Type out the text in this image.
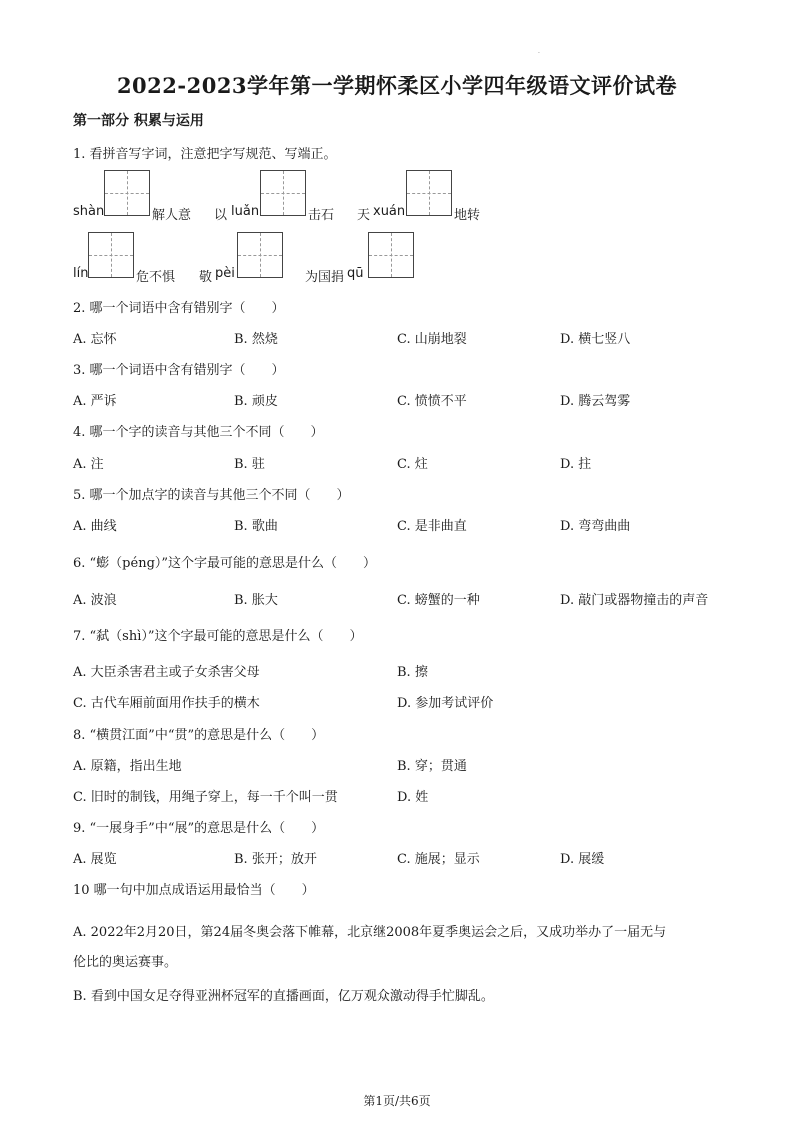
·
2022-2023学年第一学期怀柔区小学四年级语文评价试卷
第一部分 积累与运用
1. 看拼音写字词，注意把字写规范、写端正。
shàn	解人意 以 luǎn	击石 天 xuán	地转
lín	危不惧 敬 pèi	为国捐 qū
2. 哪一个词语中含有错别字（　　）
A. 忘怀	B. 然烧	C. 山崩地裂	D. 横七竖八
3. 哪一个词语中含有错别字（　　）
A. 严诉	B. 顽皮	C. 愤愤不平	D. 腾云驾雾
4. 哪一个字的读音与其他三个不同（　　）
A. 注	B. 驻	C. 炷	D. 拄
5. 哪一个加点字的读音与其他三个不同（　　）
A. 曲线	B. 歌曲	C. 是非曲直	D. 弯弯曲曲
6. “蟛（péng）”这个字最可能的意思是什么（　　）
A. 波浪	B. 胀大	C. 螃蟹的一种	D. 敲门或器物撞击的声音
7. “弑（shì）”这个字最可能的意思是什么（　　）
A. 大臣杀害君主或子女杀害父母	B. 擦
C. 古代车厢前面用作扶手的横木	D. 参加考试评价
8. “横贯江面”中“贯”的意思是什么（　　）
A. 原籍，指出生地	B. 穿；贯通
C. 旧时的制钱，用绳子穿上，每一千个叫一贯	D. 姓
9. “一展身手”中“展”的意思是什么（　　）
A. 展览	B. 张开；放开	C. 施展；显示	D. 展缓
10 哪一句中加点成语运用最恰当（　　）
A. 2022年2月20日，第24届冬奥会落下帷幕，北京继2008年夏季奥运会之后，又成功举办了一届无与
伦比的奥运赛事。
B. 看到中国女足夺得亚洲杯冠军的直播画面，亿万观众激动得手忙脚乱。
第1页/共6页
